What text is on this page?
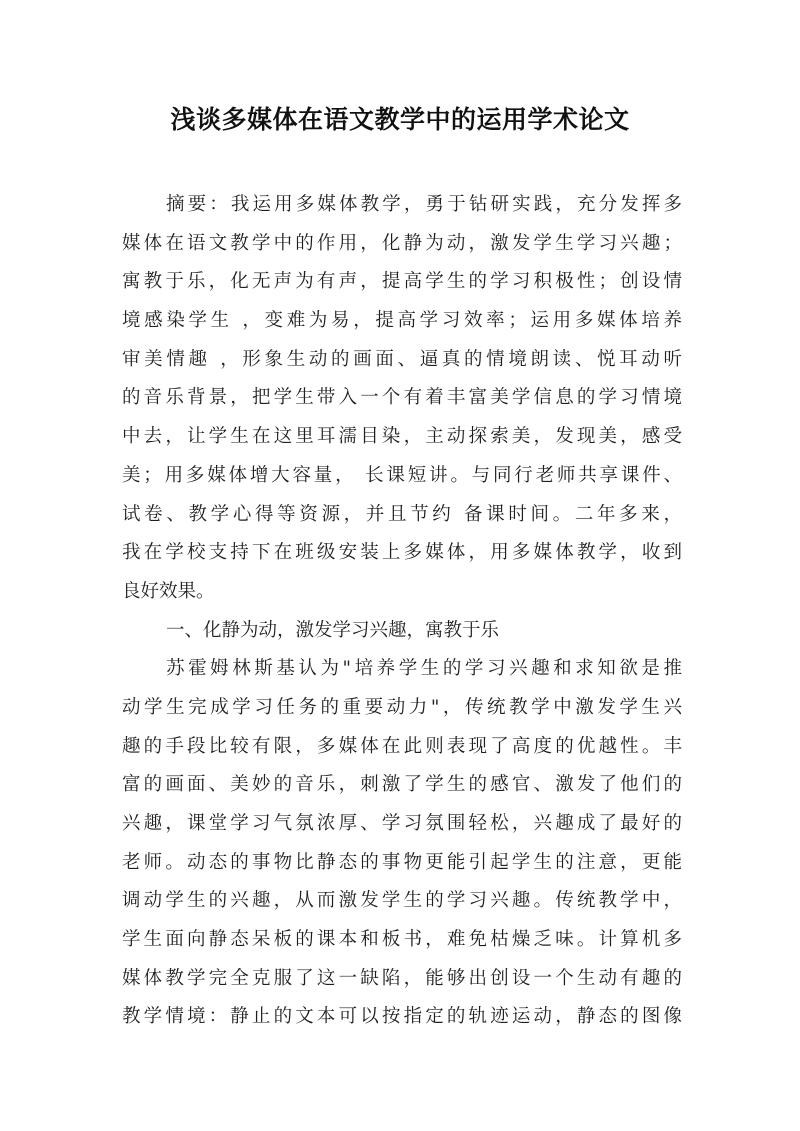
浅谈多媒体在语文教学中的运用学术论文
摘要：我运用多媒体教学，勇于钻研实践，充分发挥多
媒体在语文教学中的作用，化静为动，激发学生学习兴趣；
寓教于乐，化无声为有声，提高学生的学习积极性；创设情
境感染学生 ，变难为易，提高学习效率；运用多媒体培养
审美情趣 ，形象生动的画面、逼真的情境朗读、悦耳动听
的音乐背景，把学生带入一个有着丰富美学信息的学习情境
中去，让学生在这里耳濡目染，主动探索美，发现美，感受
美；用多媒体增大容量， 长课短讲。与同行老师共享课件、
试卷、教学心得等资源，并且节约 备课时间。二年多来，
我在学校支持下在班级安装上多媒体，用多媒体教学，收到
良好效果。
一、化静为动，激发学习兴趣，寓教于乐
苏霍姆林斯基认为"培养学生的学习兴趣和求知欲是推
动学生完成学习任务的重要动力"，传统教学中激发学生兴
趣的手段比较有限，多媒体在此则表现了高度的优越性。丰
富的画面、美妙的音乐，刺激了学生的感官、激发了他们的
兴趣，课堂学习气氛浓厚、学习氛围轻松，兴趣成了最好的
老师。动态的事物比静态的事物更能引起学生的注意，更能
调动学生的兴趣，从而激发学生的学习兴趣。传统教学中，
学生面向静态呆板的课本和板书，难免枯燥乏味。计算机多
媒体教学完全克服了这一缺陷，能够出创设一个生动有趣的
教学情境：静止的文本可以按指定的轨迹运动，静态的图像
